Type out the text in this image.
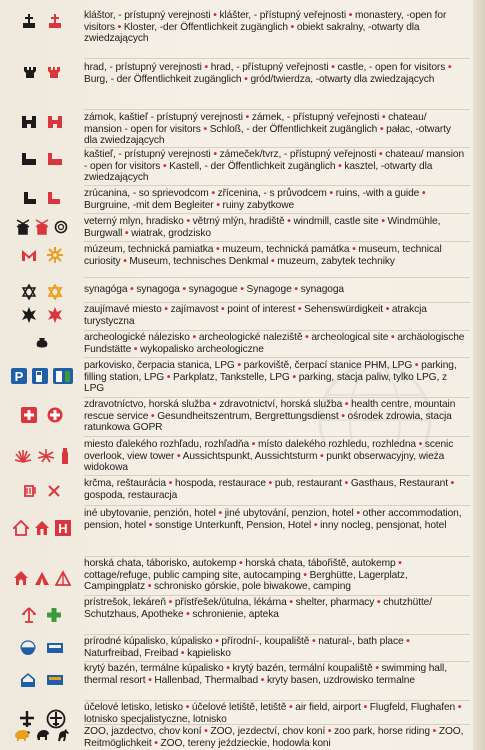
kláštor, - prístupný verejnosti • klášter, - přístupný veřejnosti • monastery, -open for visitors • Kloster, -der Öffentlichkeit zugänglich • obiekt sakralny, -otwarty dla zwiedzających
hrad, - prístupný verejnosti • hrad, - přístupný veřejnosti • castle, - open for visitors • Burg, - der Öffentlichkeit zugänglich • gród/twierdza, -otwarty dla zwiedzających
zámok, kaštieľ - prístupný verejnosti • zámek, - přístupný veřejnosti • chateau/ mansion - open for visitors • Schloß, - der Öffentlichkeit zugänglich • pałac, -otwarty dla zwiedzających
kaštieľ, - prístupný verejnosti • zámeček/tvrz, - přístupný veřejnosti • chateau/ mansion - open for visitors • Kastell, - der Öffentlichkeit zugänglich • kasztel, -otwarty dla zwiedzających
zrúcanina, - so sprievodcom • zřícenina, - s průvodcem • ruins, -with a guide • Burgruine, -mit dem Begleiter • ruiny zabytkowe
veterný mlyn, hradisko • větrný mlýn, hradiště • windmill, castle site • Windmühle, Burgwall • wiatrak, grodzisko
múzeum, technická pamiatka • muzeum, technická památka • museum, technical curiosity • Museum, technisches Denkmal • muzeum, zabytek techniky
synagóga • synagoga • synagogue • Synagoge • synagoga
zaujímavé miesto • zajímavost • point of interest • Sehenswürdigkeit • atrakcja turystyczna
archeologické nálezisko • archeologické naleziště • archeological site • archäologische Fundstätte • wykopalisko archeologiczne
P
parkovisko, čerpacia stanica, LPG • parkoviště, čerpací stanice PHM, LPG • parking, filling station, LPG • Parkplatz, Tankstelle, LPG • parking, stacja paliw, tylko LPG, z LPG
zdravotníctvo, horská služba • zdravotnictví, horská služba • health centre, mountain rescue service • Gesundheitszentrum, Bergrettungsdienst • ośrodek zdrowia, stacja ratunkowa GOPR
miesto ďalekého rozhľadu, rozhľadňa • místo dalekého rozhledu, rozhledna • scenic overlook, view tower • Aussichtspunkt, Aussichtsturm • punkt obserwacyjny, wieża widokowa
krčma, reštaurácia • hospoda, restaurace • pub, restaurant • Gasthaus, Restaurant • gospoda, restauracja
H
iné ubytovanie, penzión, hotel • jiné ubytování, penzion, hotel • other accommodation, pension, hotel • sonstige Unterkunft, Pension, Hotel • inny nocleg, pensjonat, hotel
horská chata, táborisko, autokemp • horská chata, tábořiště, autokemp • cottage/refuge, public camping site, autocamping • Berghütte, Lagerplatz, Campingplatz • schronisko górskie, pole biwakowe, camping
prístrešok, lekáreň • přístřešek/útulna, lékárna • shelter, pharmacy • chutzhütte/ Schutzhaus, Apotheke • schronienie, apteka
prírodné kúpalisko, kúpalisko • přírodní-, koupaliště • natural-, bath place • Naturfreibad, Freibad • kąpielisko
krytý bazén, termálne kúpalisko • krytý bazén, termální koupaliště • swimming hall, thermal resort • Hallenbad, Thermalbad • kryty basen, uzdrowisko termalne
účelové letisko, letisko • účelové letiště, letiště • air field, airport • Flugfeld, Flughafen • lotnisko specjalistyczne, lotnisko
ZOO, jazdectvo, chov koní • ZOO, jezdectví, chov koní • zoo park, horse riding • ZOO, Reitmöglichkeit • ZOO, tereny jeździeckie, hodowla koni
